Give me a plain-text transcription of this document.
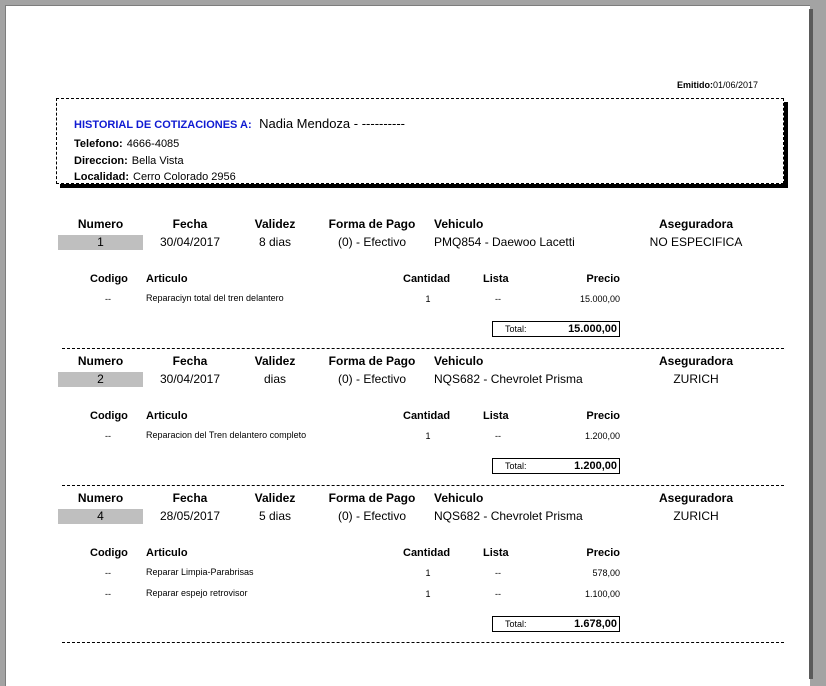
Emitido:01/06/2017
HISTORIAL DE COTIZACIONES A: Nadia Mendoza - ----------
Telefono: 4666-4085
Direccion: Bella Vista
Localidad: Cerro Colorado 2956
Numero	Fecha	Validez	Forma de Pago	Vehiculo	Aseguradora
1	30/04/2017	8 dias	(0) - Efectivo	PMQ854 - Daewoo Lacetti	NO ESPECIFICA
Codigo Articulo	Cantidad	Lista	Precio
--	Reparaciyn total del tren delantero	1	--	15.000,00
Total:	15.000,00
Numero	Fecha	Validez	Forma de Pago	Vehiculo	Aseguradora
2	30/04/2017	dias	(0) - Efectivo	NQS682 - Chevrolet Prisma	ZURICH
Codigo Articulo	Cantidad	Lista	Precio
--	Reparacion del Tren delantero completo	1	--	1.200,00
Total:	1.200,00
Numero	Fecha	Validez	Forma de Pago	Vehiculo	Aseguradora
4	28/05/2017	5 dias	(0) - Efectivo	NQS682 - Chevrolet Prisma	ZURICH
Codigo Articulo	Cantidad	Lista	Precio
--	Reparar Limpia-Parabrisas	1	--	578,00
--	Reparar espejo retrovisor	1	--	1.100,00
Total:	1.678,00
